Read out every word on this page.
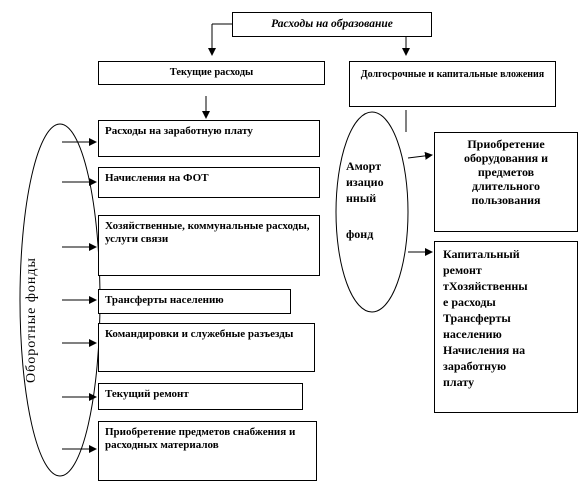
Расходы на образование
Текущие расходы	Долгосрочные и капитальные вложения
Расходы на заработную плату
Начисления на ФОТ
Хозяйственные, коммунальные расходы, услуги связи
Трансферты населению
Командировки и служебные разъезды
Текущий ремонт
Приобретение предметов снабжения и расходных материалов
Приобретение
оборудования и
предметов
длительного
пользования
Капитальный
ремонт
тХозяйственны
е расходы
Трансферты
населению
Начисления на
заработную
плату
Аморт
изацио
нный
фонд
Оборотные фонды
